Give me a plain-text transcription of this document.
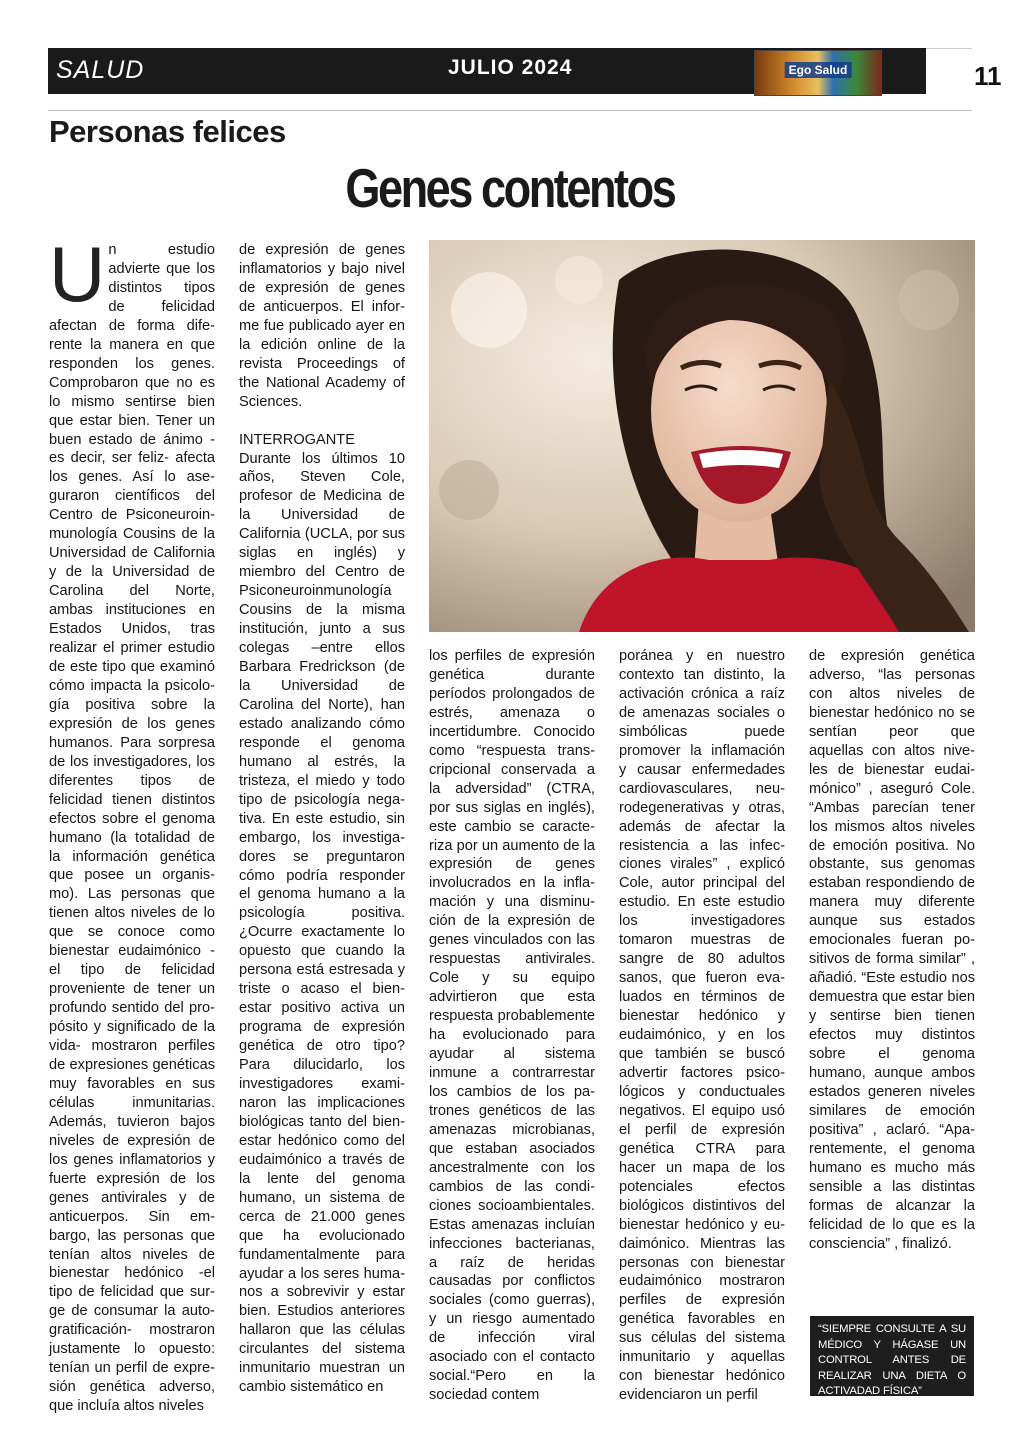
SALUD	JULIO 2024	Ego Salud	11
Personas felices
Genes contentos
U n estudio advierte que los distintos tipos de felicidad afectan de forma diferente la manera en que responden los genes. Comprobaron que no es lo mismo sentirse bien que estar bien. Tener un buen estado de ánimo -es decir, ser feliz- afecta los genes. Así lo aseguraron científicos del Centro de Psiconeuroinmunología Cousins de la Universidad de California y de la Universidad de Carolina del Norte, ambas instituciones en Estados Unidos, tras realizar el primer estudio de este tipo que examinó cómo impacta la psicología positiva sobre la expresión de los genes humanos. Para sorpresa de los investigadores, los diferentes tipos de felicidad tienen distintos efectos sobre el genoma humano (la totalidad de la información genética que posee un organismo). Las personas que tienen altos niveles de lo que se conoce como bienestar eudaimónico -el tipo de felicidad proveniente de tener un profundo sentido del propósito y significado de la vida- mostraron perfiles de expresiones genéticas muy favorables en sus células inmunitarias. Además, tuvieron bajos niveles de expresión de los genes inflamatorios y fuerte expresión de los genes antivirales y de anticuerpos. Sin embargo, las personas que tenían altos niveles de bienestar hedónico -el tipo de felicidad que surge de consumar la autogratificación- mostraron justamente lo opuesto: tenían un perfil de expresión genética adverso, que incluía altos niveles

de expresión de genes inflamatorios y bajo nivel de expresión de genes de anticuerpos. El informe fue publicado ayer en la edición online de la revista Proceedings of the National Academy of Sciences.

INTERROGANTE

Durante los últimos 10 años, Steven Cole, profesor de Medicina de la Universidad de California (UCLA, por sus siglas en inglés) y miembro del Centro de Psiconeuroinmunología Cousins de la misma institución, junto a sus colegas –entre ellos Barbara Fredrickson (de la Universidad de Carolina del Norte), han estado analizando cómo responde el genoma humano al estrés, la tristeza, el miedo y todo tipo de psicología negativa. En este estudio, sin embargo, los investigadores se preguntaron cómo podría responder el genoma humano a la psicología positiva. ¿Ocurre exactamente lo opuesto que cuando la persona está estresada y triste o acaso el bienestar positivo activa un programa de expresión genética de otro tipo? Para dilucidarlo, los investigadores examinaron las implicaciones biológicas tanto del bienestar hedónico como del eudaimónico a través de la lente del genoma humano, un sistema de cerca de 21.000 genes que ha evolucionado fundamentalmente para ayudar a los seres humanos a sobrevivir y estar bien. Estudios anteriores hallaron que las células circulantes del sistema inmunitario muestran un cambio sistemático en

los perfiles de expresión genética durante períodos prolongados de estrés, amenaza o incertidumbre. Conocido como “respuesta transcripcional conservada a la adversidad” (CTRA, por sus siglas en inglés), este cambio se caracteriza por un aumento de la expresión de genes involucrados en la inflamación y una disminución de la expresión de genes vinculados con las respuestas antivirales. Cole y su equipo advirtieron que esta respuesta probablemente ha evolucionado para ayudar al sistema inmune a contrarrestar los cambios de los patrones genéticos de las amenazas microbianas, que estaban asociados ancestralmente con los cambios de las condiciones socioambientales. Estas amenazas incluían infecciones bacterianas, a raíz de heridas causadas por conflictos sociales (como guerras), y un riesgo aumentado de infección viral asociado con el contacto social.“Pero en la sociedad contem

poránea y en nuestro contexto tan distinto, la activación crónica a raíz de amenazas sociales o simbólicas puede promover la inflamación y causar enfermedades cardiovasculares, neurodegenerativas y otras, además de afectar la resistencia a las infecciones virales” , explicó Cole, autor principal del estudio. En este estudio los investigadores tomaron muestras de sangre de 80 adultos sanos, que fueron evaluados en términos de bienestar hedónico y eudaimónico, y en los que también se buscó advertir factores psicológicos y conductuales negativos. El equipo usó el perfil de expresión genética CTRA para hacer un mapa de los potenciales efectos biológicos distintivos del bienestar hedónico y eudaimónico. Mientras las personas con bienestar eudaimónico mostraron perfiles de expresión genética favorables en sus células del sistema inmunitario y aquellas con bienestar hedónico evidenciaron un perfil

de expresión genética adverso, “las personas con altos niveles de bienestar hedónico no se sentían peor que aquellas con altos niveles de bienestar eudaimónico” , aseguró Cole. “Ambas parecían tener los mismos altos niveles de emoción positiva. No obstante, sus genomas estaban respondiendo de manera muy diferente aunque sus estados emocionales fueran positivos de forma similar” , añadió. “Este estudio nos demuestra que estar bien y sentirse bien tienen efectos muy distintos sobre el genoma humano, aunque ambos estados generen niveles similares de emoción positiva” , aclaró. “Aparentemente, el genoma humano es mucho más sensible a las distintas formas de alcanzar la felicidad de lo que es la consciencia” , finalizó.

“SIEMPRE CONSULTE A SU MÉDICO Y HÁGASE UN CONTROL ANTES DE REALIZAR UNA DIETA O ACTIVADAD FÍSICA”
